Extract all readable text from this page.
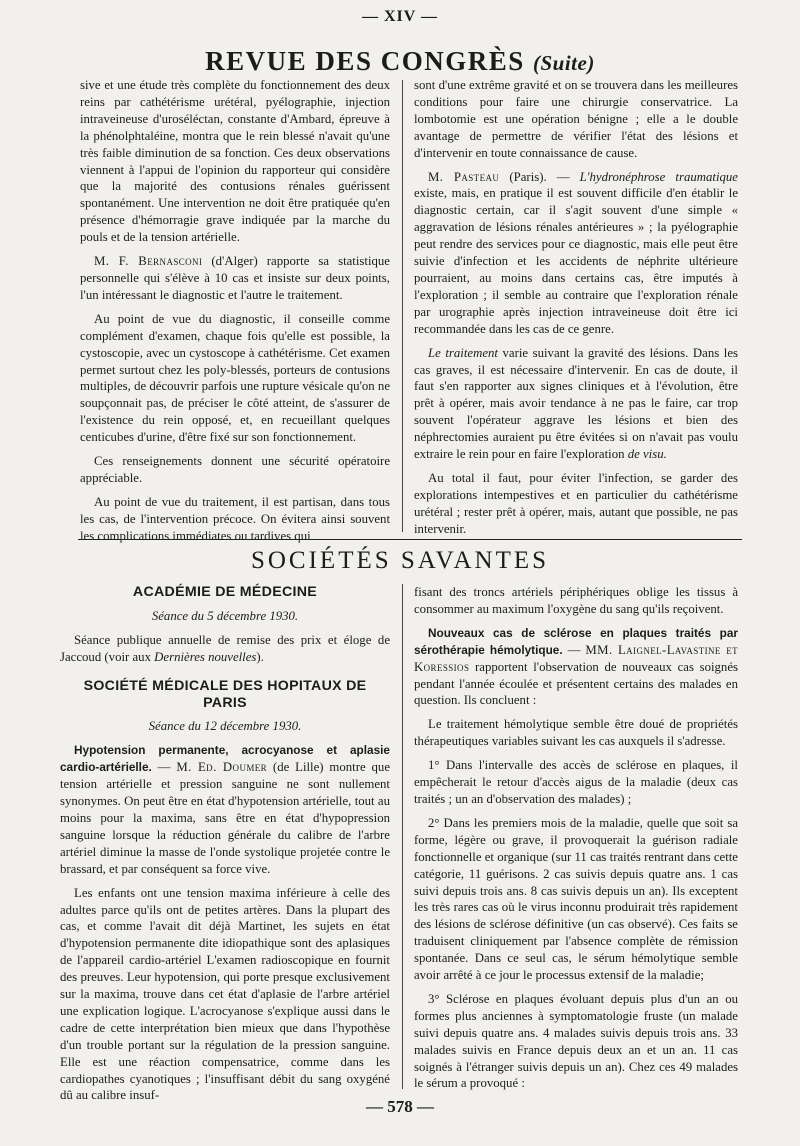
— XIV —
REVUE DES CONGRÈS (Suite)

sive et une étude très complète du fonctionnement des deux reins par cathétérisme urétéral, pyélographie, injection intraveineuse d'uroséléctan, constante d'Ambard, épreuve à la phénolphtaléine, montra que le rein blessé n'avait qu'une très faible diminution de sa fonction. Ces deux observations viennent à l'appui de l'opinion du rapporteur qui considère que la majorité des contusions rénales guérissent spontanément. Une intervention ne doit être pratiquée qu'en présence d'hémorragie grave indiquée par la marche du pouls et de la tension artérielle.

M. F. Bernasconi (d'Alger) rapporte sa statistique personnelle qui s'élève à 10 cas et insiste sur deux points, l'un intéressant le diagnostic et l'autre le traitement.

Au point de vue du diagnostic, il conseille comme complément d'examen, chaque fois qu'elle est possible, la cystoscopie, avec un cystoscope à cathétérisme. Cet examen permet surtout chez les poly-blessés, porteurs de contusions multiples, de découvrir parfois une rupture vésicale qu'on ne soupçonnait pas, de préciser le côté atteint, de s'assurer de l'existence du rein opposé, et, en recueillant quelques centicubes d'urine, d'être fixé sur son fonctionnement.

Ces renseignements donnent une sécurité opératoire appréciable.

Au point de vue du traitement, il est partisan, dans tous les cas, de l'intervention précoce. On évitera ainsi souvent les complications immédiates ou tardives qui

sont d'une extrême gravité et on se trouvera dans les meilleures conditions pour faire une chirurgie conservatrice. La lombotomie est une opération bénigne ; elle a le double avantage de permettre de vérifier l'état des lésions et d'intervenir en toute connaissance de cause.

M. Pasteau (Paris). — L'hydronéphrose traumatique existe, mais, en pratique il est souvent difficile d'en établir le diagnostic certain, car il s'agit souvent d'une simple « aggravation de lésions rénales antérieures » ; la pyélographie peut rendre des services pour ce diagnostic, mais elle peut être suivie d'infection et les accidents de néphrite ultérieure pourraient, au moins dans certains cas, être imputés à l'exploration ; il semble au contraire que l'exploration rénale par urographie après injection intraveineuse doit être ici recommandée dans les cas de ce genre.

Le traitement varie suivant la gravité des lésions. Dans les cas graves, il est nécessaire d'intervenir. En cas de doute, il faut s'en rapporter aux signes cliniques et à l'évolution, être prêt à opérer, mais avoir tendance à ne pas le faire, car trop souvent l'opérateur aggrave les lésions et bien des néphrectomies auraient pu être évitées si on n'avait pas voulu extraire le rein pour en faire l'exploration de visu.

Au total il faut, pour éviter l'infection, se garder des explorations intempestives et en particulier du cathétérisme urétéral ; rester prêt à opérer, mais, autant que possible, ne pas intervenir.

SOCIÉTÉS SAVANTES

ACADÉMIE DE MÉDECINE

Séance du 5 décembre 1930.

Séance publique annuelle de remise des prix et éloge de Jaccoud (voir aux Dernières nouvelles).

SOCIÉTÉ MÉDICALE DES HOPITAUX DE PARIS

Séance du 12 décembre 1930.

Hypotension permanente, acrocyanose et aplasie cardio-artérielle. — M. Ed. Doumer (de Lille) montre que tension artérielle et pression sanguine ne sont nullement synonymes. On peut être en état d'hypotension artérielle, tout au moins pour la maxima, sans être en état d'hypopression sanguine lorsque la réduction générale du calibre de l'arbre artériel diminue la masse de l'onde systolique projetée contre le brassard, et par conséquent sa force vive.

Les enfants ont une tension maxima inférieure à celle des adultes parce qu'ils ont de petites artères. Dans la plupart des cas, et comme l'avait dit déjà Martinet, les sujets en état d'hypotension permanente dite idiopathique sont des aplasiques de l'appareil cardio-artériel L'examen radioscopique en fournit des preuves. Leur hypotension, qui porte presque exclusivement sur la maxima, trouve dans cet état d'aplasie de l'arbre artériel une explication logique. L'acrocyanose s'explique aussi dans le cadre de cette interprétation bien mieux que dans l'hypothèse d'un trouble portant sur la régulation de la pression sanguine. Elle est une réaction compensatrice, comme dans les cardiopathes cyanotiques ; l'insuffisant débit du sang oxygéné dû au calibre insuf-

fisant des troncs artériels périphériques oblige les tissus à consommer au maximum l'oxygène du sang qu'ils reçoivent.

Nouveaux cas de sclérose en plaques traités par sérothérapie hémolytique. — MM. Laignel-Lavastine et Koressios rapportent l'observation de nouveaux cas soignés pendant l'année écoulée et présentent certains des malades en question. Ils concluent :

Le traitement hémolytique semble être doué de propriétés thérapeutiques variables suivant les cas auxquels il s'adresse.

1° Dans l'intervalle des accès de sclérose en plaques, il empêcherait le retour d'accès aigus de la maladie (deux cas traités ; un an d'observation des malades) ;

2° Dans les premiers mois de la maladie, quelle que soit sa forme, légère ou grave, il provoquerait la guérison radiale fonctionnelle et organique (sur 11 cas traités rentrant dans cette catégorie, 11 guérisons. 2 cas suivis depuis quatre ans. 1 cas suivi depuis trois ans. 8 cas suivis depuis un an). Ils exceptent les très rares cas où le virus inconnu produirait très rapidement des lésions de sclérose définitive (un cas observé). Ces faits se traduisent cliniquement par l'absence complète de rémission spontanée. Dans ce seul cas, le sérum hémolytique semble avoir arrêté à ce jour le processus extensif de la maladie;

3° Sclérose en plaques évoluant depuis plus d'un an ou formes plus anciennes à symptomatologie fruste (un malade suivi depuis quatre ans. 4 malades suivis depuis trois ans. 33 malades suivis en France depuis deux an et un an. 11 cas soignés à l'étranger suivis depuis un an). Chez ces 49 malades le sérum a provoqué :

— 578 —
